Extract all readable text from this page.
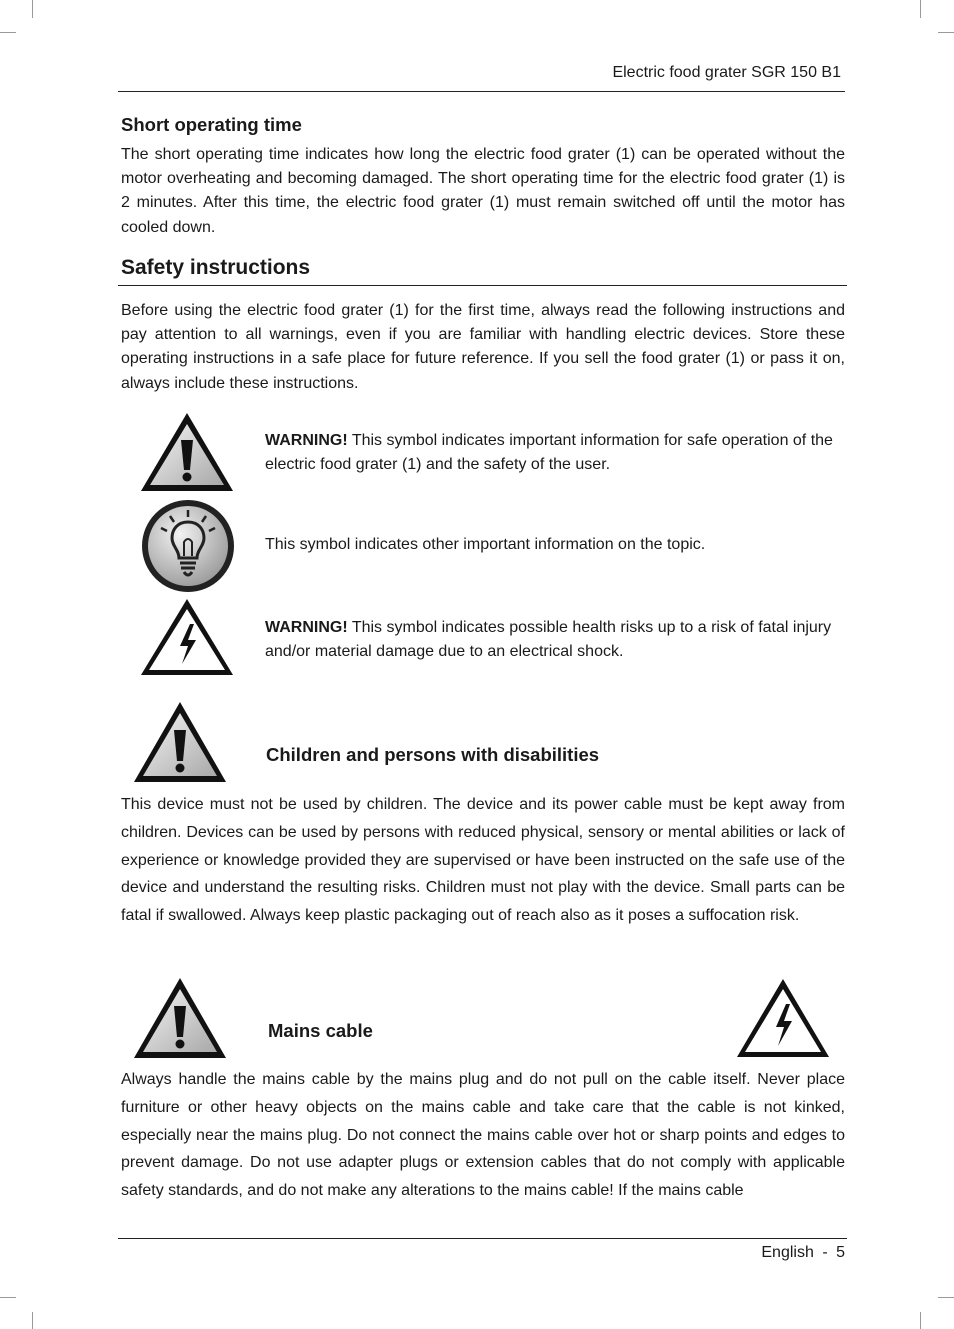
Electric food grater SGR 150 B1
Short operating time

The short operating time indicates how long the electric food grater (1) can be operated without the motor overheating and becoming damaged. The short operating time for the electric food grater (1) is 2 minutes. After this time, the electric food grater (1) must remain switched off until the motor has cooled down.

Safety instructions

Before using the electric food grater (1) for the first time, always read the following instructions and pay attention to all warnings, even if you are familiar with handling electric devices. Store these operating instructions in a safe place for future reference. If you sell the food grater (1) or pass it on, always include these instructions.

WARNING! This symbol indicates important information for safe operation of the electric food grater (1) and the safety of the user.

This symbol indicates other important information on the topic.

WARNING! This symbol indicates possible health risks up to a risk of fatal injury and/or material damage due to an electrical shock.

Children and persons with disabilities

This device must not be used by children. The device and its power cable must be kept away from children. Devices can be used by persons with reduced physical, sensory or mental abilities or lack of experience or knowledge provided they are supervised or have been instructed on the safe use of the device and understand the resulting risks. Children must not play with the device. Small parts can be fatal if swallowed. Always keep plastic packaging out of reach also as it poses a suffocation risk.

Mains cable

Always handle the mains cable by the mains plug and do not pull on the cable itself. Never place furniture or other heavy objects on the mains cable and take care that the cable is not kinked, especially near the mains plug. Do not connect the mains cable over hot or sharp points and edges to prevent damage. Do not use adapter plugs or extension cables that do not comply with applicable safety standards, and do not make any alterations to the mains cable! If the mains cable

English - 5
